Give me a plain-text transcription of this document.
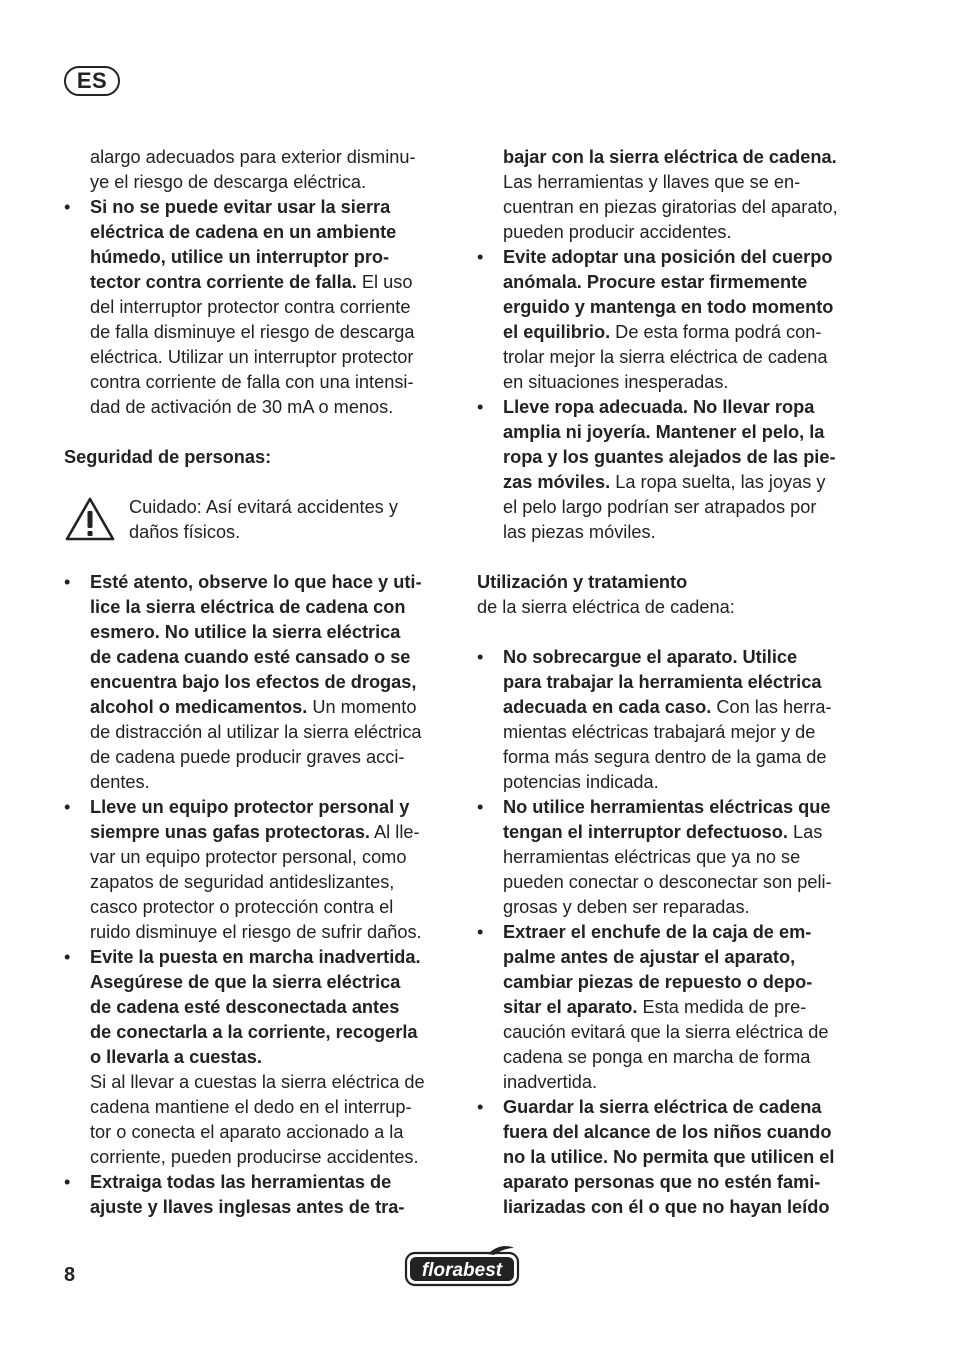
ES

alargo adecuados para exterior disminu-
ye el riesgo de descarga eléctrica.

• Si no se puede evitar usar la sierra
eléctrica de cadena en un ambiente
húmedo, utilice un interruptor pro-
tector contra corriente de falla. El uso
del interruptor protector contra corriente
de falla disminuye el riesgo de descarga
eléctrica. Utilizar un interruptor protector
contra corriente de falla con una intensi-
dad de activación de 30 mA o menos.

Seguridad de personas:

Cuidado: Así evitará accidentes y
daños físicos.
• Esté atento, observe lo que hace y uti-
lice la sierra eléctrica de cadena con
esmero. No utilice la sierra eléctrica
de cadena cuando esté cansado o se
encuentra bajo los efectos de drogas,
alcohol o medicamentos. Un momento
de distracción al utilizar la sierra eléctrica
de cadena puede producir graves acci-
dentes.
• Lleve un equipo protector personal y
siempre unas gafas protectoras. Al lle-
var un equipo protector personal, como
zapatos de seguridad antideslizantes,
casco protector o protección contra el
ruido disminuye el riesgo de sufrir daños.
• Evite la puesta en marcha inadvertida.
Asegúrese de que la sierra eléctrica
de cadena esté desconectada antes
de conectarla a la corriente, recogerla
o llevarla a cuestas.
Si al llevar a cuestas la sierra eléctrica de
cadena mantiene el dedo en el interrup-
tor o conecta el aparato accionado a la
corriente, pueden producirse accidentes.
• Extraiga todas las herramientas de
ajuste y llaves inglesas antes de tra-
bajar con la sierra eléctrica de cadena.
Las herramientas y llaves que se en-
cuentran en piezas giratorias del aparato,
pueden producir accidentes.
• Evite adoptar una posición del cuerpo
anómala. Procure estar firmemente
erguido y mantenga en todo momento
el equilibrio. De esta forma podrá con-
trolar mejor la sierra eléctrica de cadena
en situaciones inesperadas.
• Lleve ropa adecuada. No llevar ropa
amplia ni joyería. Mantener el pelo, la
ropa y los guantes alejados de las pie-
zas móviles. La ropa suelta, las joyas y
el pelo largo podrían ser atrapados por
las piezas móviles.

Utilización y tratamiento
de la sierra eléctrica de cadena:

• No sobrecargue el aparato. Utilice
para trabajar la herramienta eléctrica
adecuada en cada caso. Con las herra-
mientas eléctricas trabajará mejor y de
forma más segura dentro de la gama de
potencias indicada.
• No utilice herramientas eléctricas que
tengan el interruptor defectuoso. Las
herramientas eléctricas que ya no se
pueden conectar o desconectar son peli-
grosas y deben ser reparadas.
• Extraer el enchufe de la caja de em-
palme antes de ajustar el aparato,
cambiar piezas de repuesto o depo-
sitar el aparato. Esta medida de pre-
caución evitará que la sierra eléctrica de
cadena se ponga en marcha de forma
inadvertida.
• Guardar la sierra eléctrica de cadena
fuera del alcance de los niños cuando
no la utilice. No permita que utilicen el
aparato personas que no estén fami-
liarizadas con él o que no hayan leído
8	florabest
